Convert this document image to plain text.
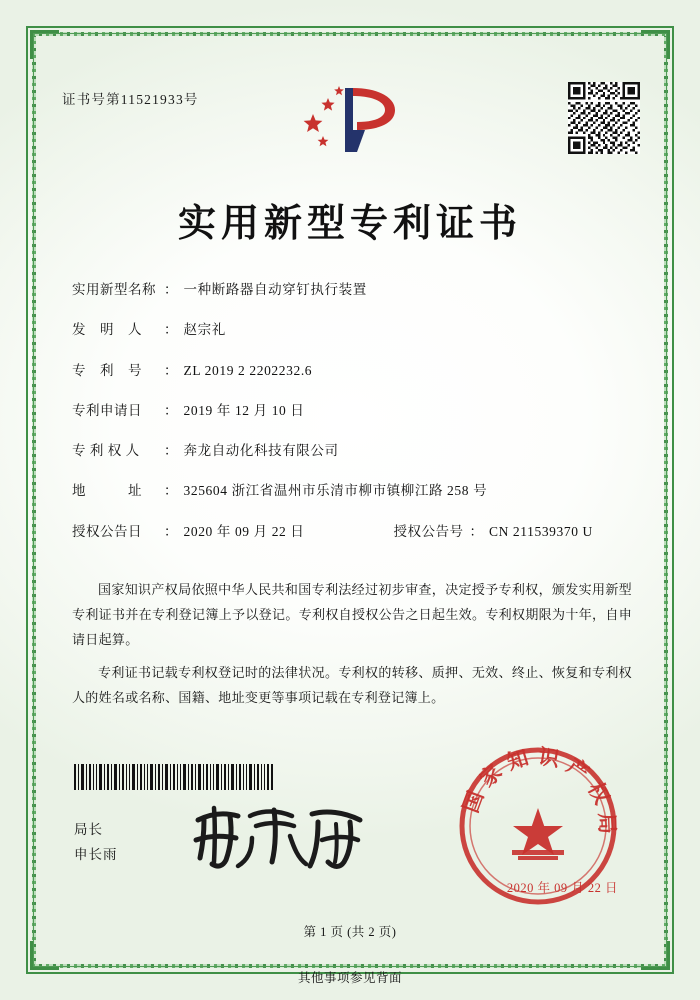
证书号第11521933号
实用新型专利证书
实用新型名称 ： 一种断路器自动穿钉执行装置
发　明　人	： 赵宗礼
专　利　号	： ZL 2019 2 2202232.6
专利申请日	： 2019 年 12 月 10 日
专 利 权 人	： 奔龙自动化科技有限公司
地　　　址	： 325604 浙江省温州市乐清市柳市镇柳江路 258 号
授权公告日	： 2020 年 09 月 22 日	授权公告号 ： CN 211539370 U

国家知识产权局依照中华人民共和国专利法经过初步审查，决定授予专利权，颁发实用新型专利证书并在专利登记簿上予以登记。专利权自授权公告之日起生效。专利权期限为十年，自申请日起算。

专利证书记载专利权登记时的法律状况。专利权的转移、质押、无效、终止、恢复和专利权人的姓名或名称、国籍、地址变更等事项记载在专利登记簿上。

局长
申长雨
国 家 知 识 产 权 局
2020 年 09 月 22 日
第 1 页 (共 2 页)
其他事项参见背面
